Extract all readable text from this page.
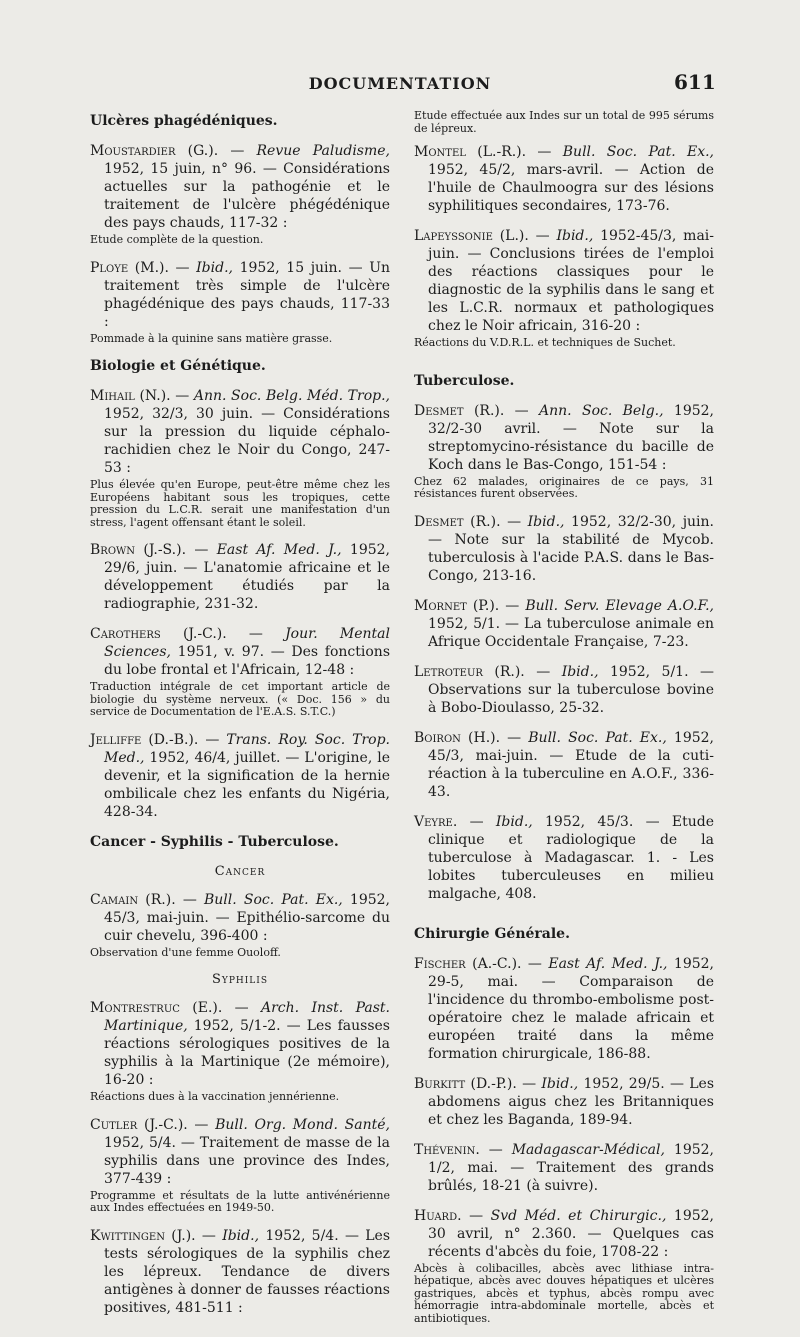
DOCUMENTATION	611
Ulcères phagédéniques.
Moustardier (G.). — Revue Paludisme, 1952, 15 juin, n° 96. — Considérations actuelles sur la pathogénie et le traitement de l'ulcère phégédénique des pays chauds, 117-32 :
Etude complète de la question.
Ploye (M.). — Ibid., 1952, 15 juin. — Un traitement très simple de l'ulcère phagédénique des pays chauds, 117-33 :
Pommade à la quinine sans matière grasse.
Biologie et Génétique.
Mihail (N.). — Ann. Soc. Belg. Méd. Trop., 1952, 32/3, 30 juin. — Considérations sur la pression du liquide céphalo-rachidien chez le Noir du Congo, 247-53 :
Plus élevée qu'en Europe, peut-être même chez les Européens habitant sous les tropiques, cette pression du L.C.R. serait une manifestation d'un stress, l'agent offensant étant le soleil.
Brown (J.-S.). — East Af. Med. J., 1952, 29/6, juin. — L'anatomie africaine et le développement étudiés par la radiographie, 231-32.
Carothers (J.-C.). — Jour. Mental Sciences, 1951, v. 97. — Des fonctions du lobe frontal et l'Africain, 12-48 :
Traduction intégrale de cet important article de biologie du système nerveux. (« Doc. 156 » du service de Documentation de l'E.A.S. S.T.C.)
Jelliffe (D.-B.). — Trans. Roy. Soc. Trop. Med., 1952, 46/4, juillet. — L'origine, le devenir, et la signification de la hernie ombilicale chez les enfants du Nigéria, 428-34.
Cancer - Syphilis - Tuberculose.
Cancer
Camain (R.). — Bull. Soc. Pat. Ex., 1952, 45/3, mai-juin. — Epithélio-sarcome du cuir chevelu, 396-400 :
Observation d'une femme Ouoloff.
Syphilis
Montrestruc (E.). — Arch. Inst. Past. Martinique, 1952, 5/1-2. — Les fausses réactions sérologiques positives de la syphilis à la Martinique (2e mémoire), 16-20 :
Réactions dues à la vaccination jennérienne.
Cutler (J.-C.). — Bull. Org. Mond. Santé, 1952, 5/4. — Traitement de masse de la syphilis dans une province des Indes, 377-439 :
Programme et résultats de la lutte antivénérienne aux Indes effectuées en 1949-50.
Kwittingen (J.). — Ibid., 1952, 5/4. — Les tests sérologiques de la syphilis chez les lépreux. Tendance de divers antigènes à donner de fausses réactions positives, 481-511 :
Etude effectuée aux Indes sur un total de 995 sérums de lépreux.
Montel (L.-R.). — Bull. Soc. Pat. Ex., 1952, 45/2, mars-avril. — Action de l'huile de Chaulmoogra sur des lésions syphilitiques secondaires, 173-76.
Lapeyssonie (L.). — Ibid., 1952-45/3, mai-juin. — Conclusions tirées de l'emploi des réactions classiques pour le diagnostic de la syphilis dans le sang et les L.C.R. normaux et pathologiques chez le Noir africain, 316-20 :
Réactions du V.D.R.L. et techniques de Suchet.
Tuberculose.
Desmet (R.). — Ann. Soc. Belg., 1952, 32/2-30 avril. — Note sur la streptomycino-résistance du bacille de Koch dans le Bas-Congo, 151-54 :
Chez 62 malades, originaires de ce pays, 31 résistances furent observées.
Desmet (R.). — Ibid., 1952, 32/2-30, juin. — Note sur la stabilité de Mycob. tuberculosis à l'acide P.A.S. dans le Bas-Congo, 213-16.
Mornet (P.). — Bull. Serv. Elevage A.O.F., 1952, 5/1. — La tuberculose animale en Afrique Occidentale Française, 7-23.
Letroteur (R.). — Ibid., 1952, 5/1. — Observations sur la tuberculose bovine à Bobo-Dioulasso, 25-32.
Boiron (H.). — Bull. Soc. Pat. Ex., 1952, 45/3, mai-juin. — Etude de la cuti-réaction à la tuberculine en A.O.F., 336-43.
Veyre. — Ibid., 1952, 45/3. — Etude clinique et radiologique de la tuberculose à Madagascar. 1. - Les lobites tuberculeuses en milieu malgache, 408.
Chirurgie Générale.
Fischer (A.-C.). — East Af. Med. J., 1952, 29-5, mai. — Comparaison de l'incidence du thrombo-embolisme post-opératoire chez le malade africain et européen traité dans la même formation chirurgicale, 186-88.
Burkitt (D.-P.). — Ibid., 1952, 29/5. — Les abdomens aigus chez les Britanniques et chez les Baganda, 189-94.
Thévenin. — Madagascar-Médical, 1952, 1/2, mai. — Traitement des grands brûlés, 18-21 (à suivre).
Huard. — Svd Méd. et Chirurgic., 1952, 30 avril, n° 2.360. — Quelques cas récents d'abcès du foie, 1708-22 :
Abcès à colibacilles, abcès avec lithiase intra-hépatique, abcès avec douves hépatiques et ulcères gastriques, abcès et typhus, abcès rompu avec hémorragie intra-abdominale mortelle, abcès et antibiotiques.
